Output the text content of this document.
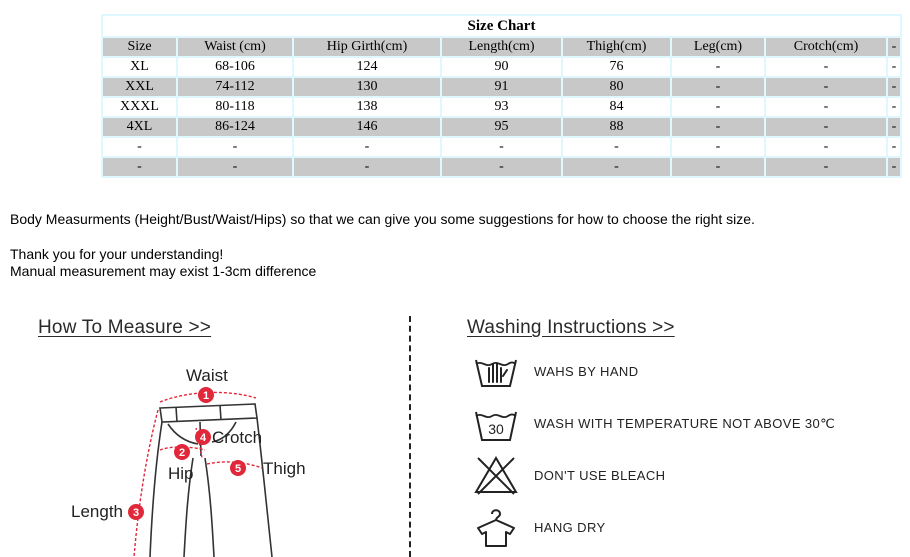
Size Chart							
Size	Waist (cm)	Hip Girth(cm)	Length(cm)	Thigh(cm)	Leg(cm)	Crotch(cm)	-
XL	68-106	124	90	76	-	-	-
XXL	74-112	130	91	80	-	-	-
XXXL	80-118	138	93	84	-	-	-
4XL	86-124	146	95	88	-	-	-
-	-	-	-	-	-	-	-
-	-	-	-	-	-	-	-

Body Measurments (Height/Bust/Waist/Hips) so that we can give you some suggestions for how to choose the right size.

Thank you for your understanding!

Manual measurement may exist 1-3cm difference

How To Measure >>
1
2
3
4
5
Waist
Crotch
Hip	Thigh
Length
Washing Instructions >>
WAHS BY HAND
30 WASH WITH TEMPERATURE NOT ABOVE 30℃
DON'T USE BLEACH
HANG DRY
